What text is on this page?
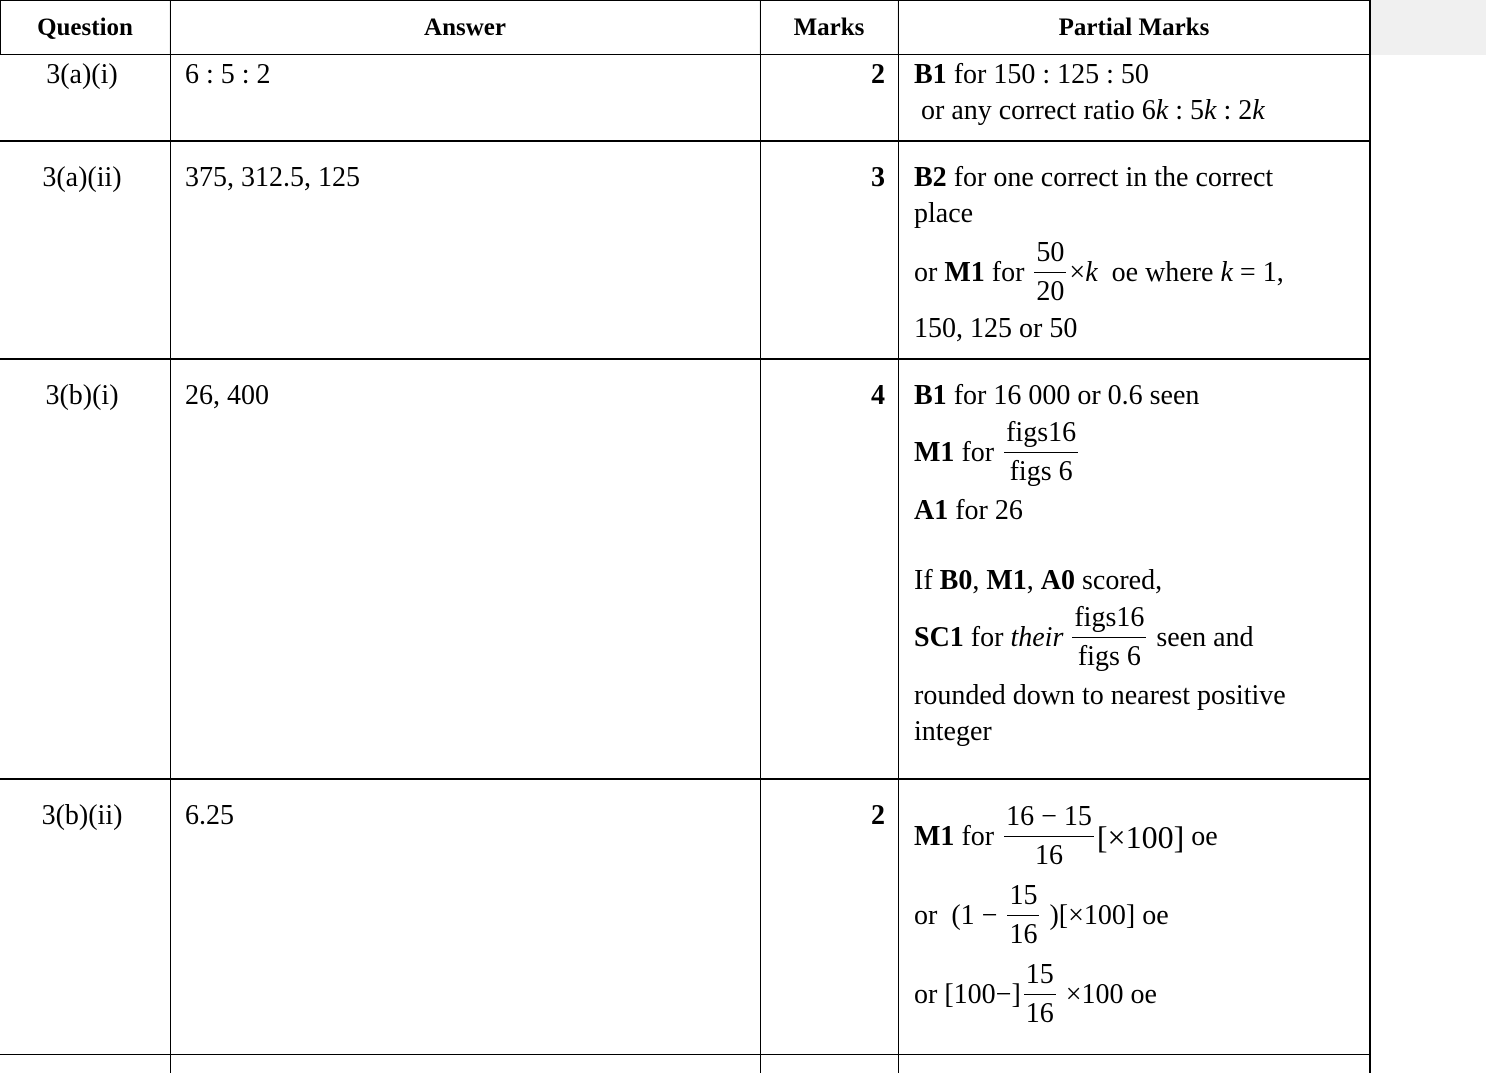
Question	Answer	Marks	Partial Marks
3(a)(i)	6 : 5 : 2	2 B1 for 150 : 125 : 50
or any correct ratio 6 k : 5 k : 2 k
3(a)(ii)	375, 312.5, 125	3 B2 for one correct in the correct
place
or M1 for $\frac{50}{20} \times k$ oe where k = 1,
150, 125 or 50
3(b)(i)	26, 400	4 B1 for 16 000 or 0.6 seen
M1 for $\frac{\text{figs16}}{\text{figs 6}}$
A1 for 26
If B0 , M1 , A0 scored,
SC1 for their $\frac{\text{figs16}}{\text{figs 6}}$ seen and
rounded down to nearest positive
integer
3(b)(ii)	6.25	2
M1 for $\frac{16 - 15}{16} [\times 100]$ oe
or  $(1 - \frac{15}{16} )[\times 100]$ oe
or $[100-] \frac{15}{16} \times 100$ oe
